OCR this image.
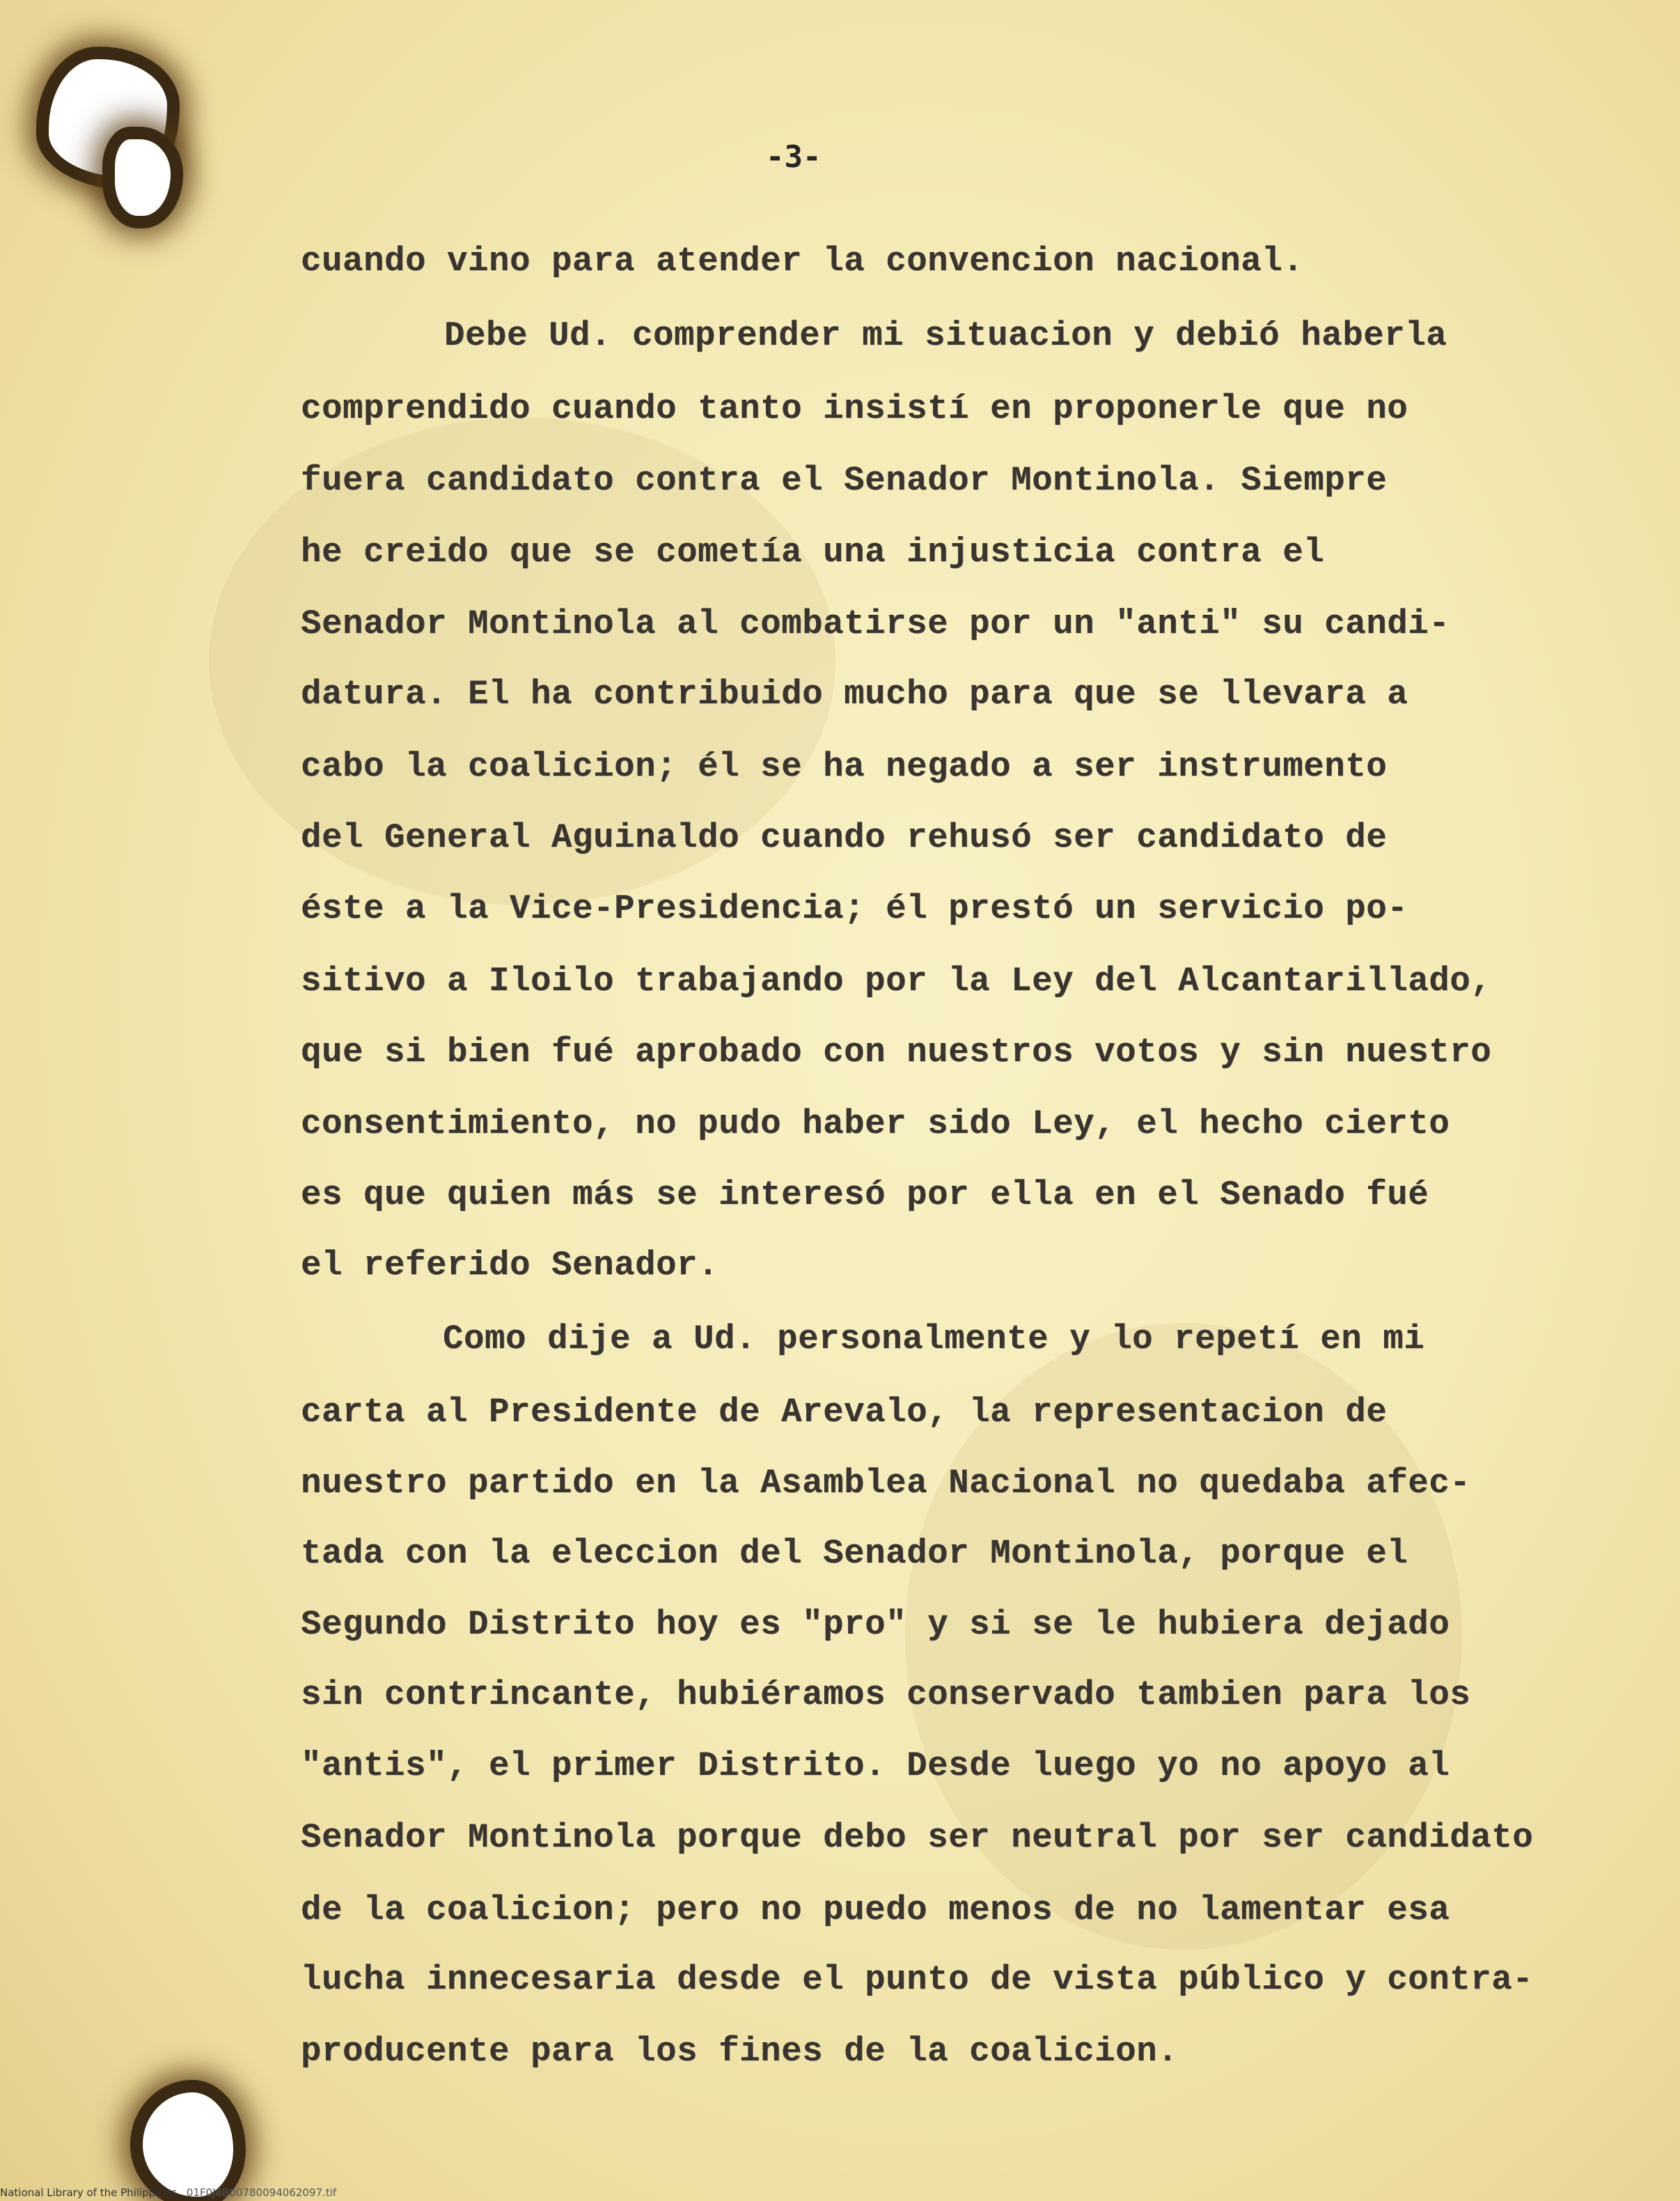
-3-
cuando vino para atender la convencion nacional.
Debe Ud. comprender mi situacion y debió haberla
comprendido cuando tanto insistí en proponerle que no
fuera candidato contra el Senador Montinola. Siempre
he creido que se cometía una injusticia contra el
Senador Montinola al combatirse por un "anti" su candi-
datura. El ha contribuido mucho para que se llevara a
cabo la coalicion; él se ha negado a ser instrumento
del General Aguinaldo cuando rehusó ser candidato de
éste a la Vice-Presidencia; él prestó un servicio po-
sitivo a Iloilo trabajando por la Ley del Alcantarillado,
que si bien fué aprobado con nuestros votos y sin nuestro
consentimiento, no pudo haber sido Ley, el hecho cierto
es que quien más se interesó por ella en el Senado fué
el referido Senador.
Como dije a Ud. personalmente y lo repetí en mi
carta al Presidente de Arevalo, la representacion de
nuestro partido en la Asamblea Nacional no quedaba afec-
tada con la eleccion del Senador Montinola, porque el
Segundo Distrito hoy es "pro" y si se le hubiera dejado
sin contrincante, hubiéramos conservado tambien para los
"antis", el primer Distrito. Desde luego yo no apoyo al
Senador Montinola porque debo ser neutral por ser candidato
de la coalicion; pero no puedo menos de no lamentar esa
lucha innecesaria desde el punto de vista público y contra-
producente para los fines de la coalicion.
National Library of the Philippines 01F0J8B00780094062097.tif
